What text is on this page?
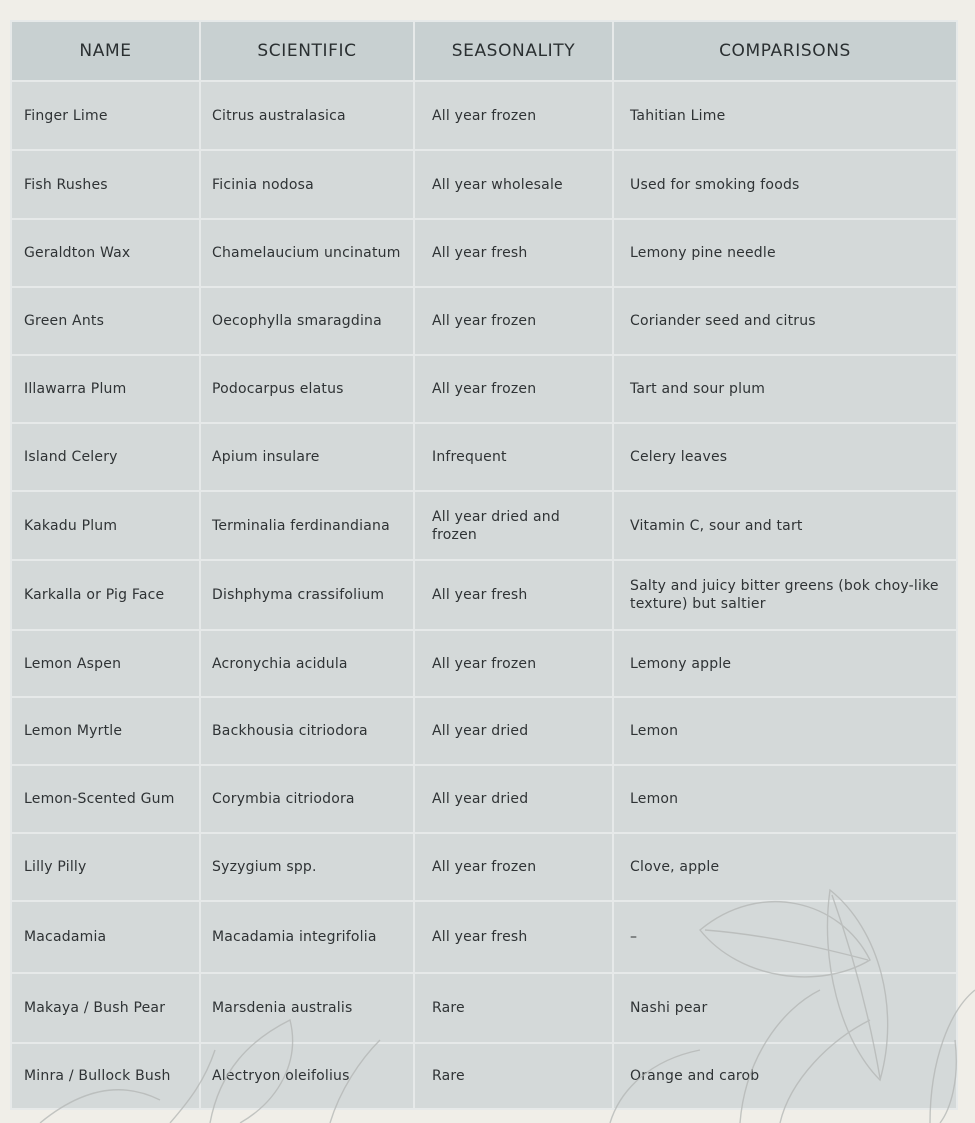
NAME	SCIENTIFIC	SEASONALITY	COMPARISONS
Finger Lime	Citrus australasica	All year frozen	Tahitian Lime
Fish Rushes	Ficinia nodosa	All year wholesale	Used for smoking foods
Geraldton Wax	Chamelaucium uncinatum	All year fresh	Lemony pine needle
Green Ants	Oecophylla smaragdina	All year frozen	Coriander seed and citrus
Illawarra Plum	Podocarpus elatus	All year frozen	Tart and sour plum
Island Celery	Apium insulare	Infrequent	Celery leaves
Kakadu Plum	Terminalia ferdinandiana	All year dried and frozen	Vitamin C, sour and tart
Karkalla or Pig Face	Dishphyma crassifolium	All year fresh	Salty and juicy bitter greens (bok choy-like texture) but saltier
Lemon Aspen	Acronychia acidula	All year frozen	Lemony apple
Lemon Myrtle	Backhousia citriodora	All year dried	Lemon
Lemon-Scented Gum	Corymbia citriodora	All year dried	Lemon
Lilly Pilly	Syzygium spp.	All year frozen	Clove, apple
Macadamia	Macadamia integrifolia	All year fresh	–
Makaya / Bush Pear	Marsdenia australis	Rare	Nashi pear
Minra / Bullock Bush	Alectryon oleifolius	Rare	Orange and carob
